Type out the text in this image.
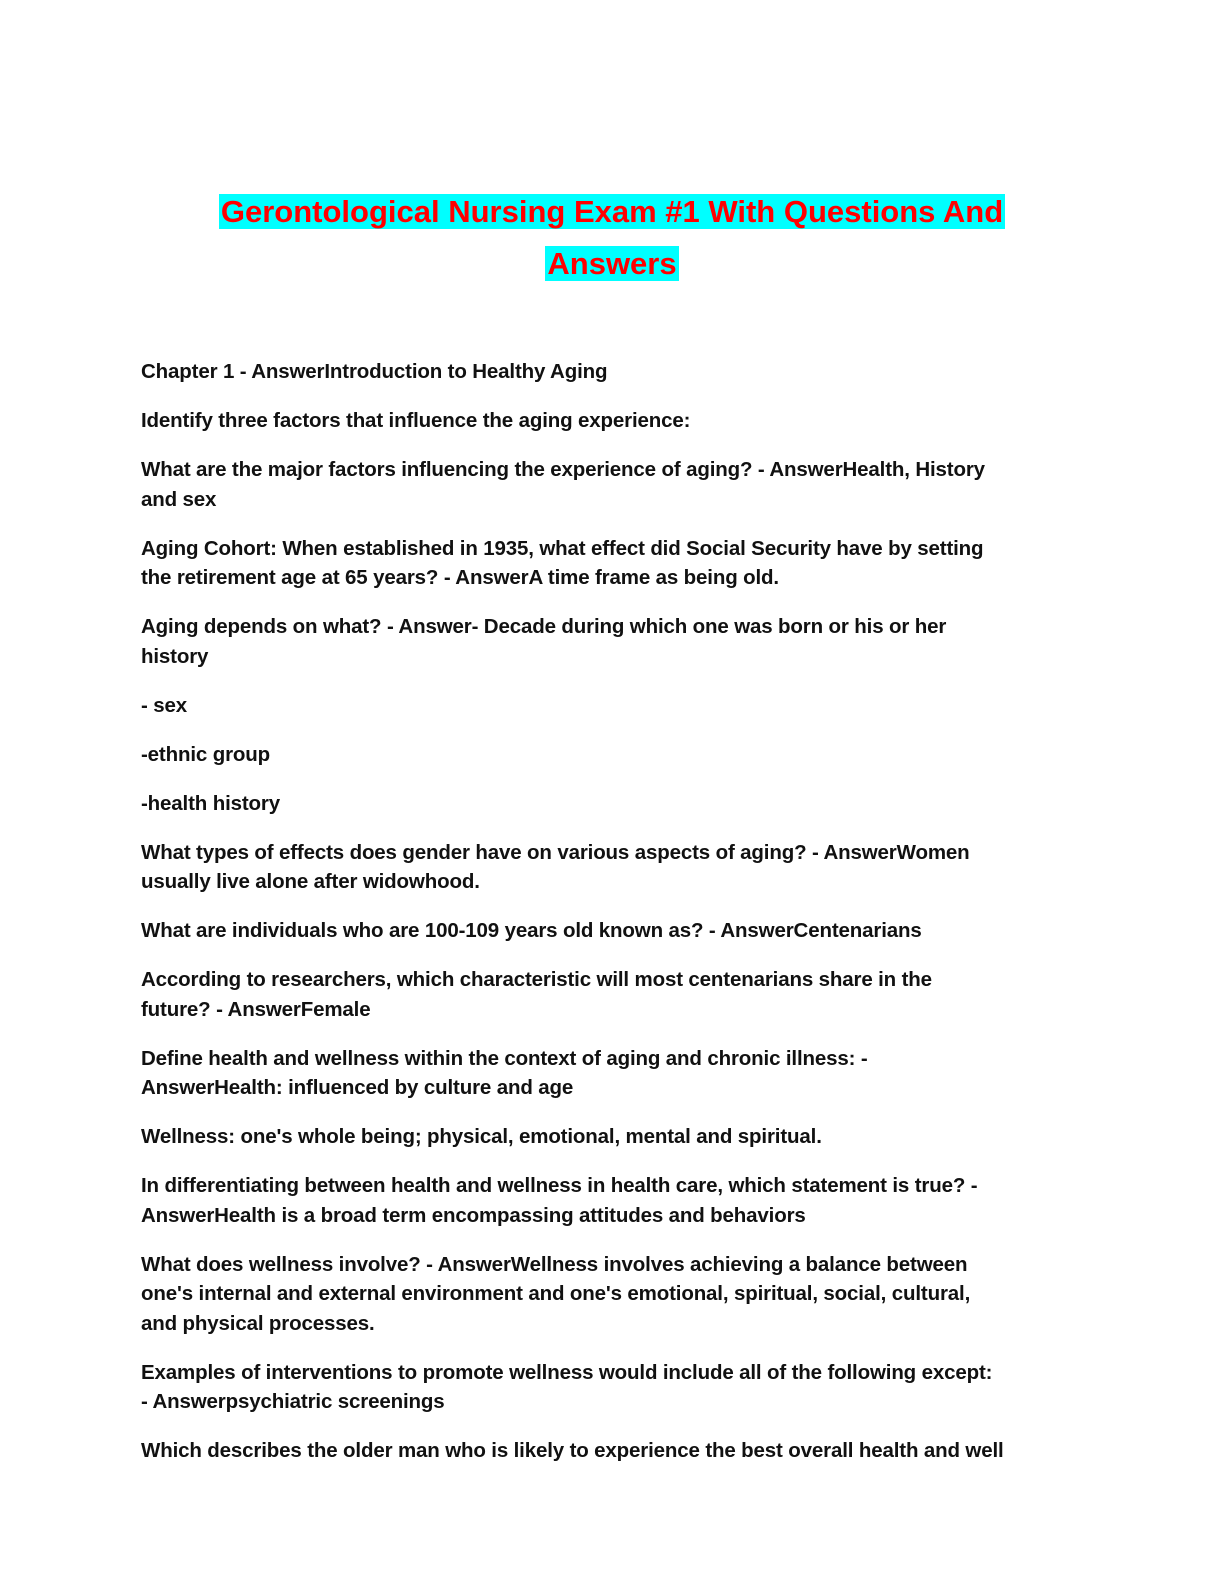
Gerontological Nursing Exam #1 With Questions And
Answers
Chapter 1 - AnswerIntroduction to Healthy Aging
Identify three factors that influence the aging experience:
What are the major factors influencing the experience of aging? - AnswerHealth, History
and sex
Aging Cohort: When established in 1935, what effect did Social Security have by setting
the retirement age at 65 years? - AnswerA time frame as being old.
Aging depends on what? - Answer- Decade during which one was born or his or her
history
- sex
-ethnic group
-health history
What types of effects does gender have on various aspects of aging? - AnswerWomen
usually live alone after widowhood.
What are individuals who are 100-109 years old known as? - AnswerCentenarians
According to researchers, which characteristic will most centenarians share in the
future? - AnswerFemale
Define health and wellness within the context of aging and chronic illness: -
AnswerHealth: influenced by culture and age
Wellness: one's whole being; physical, emotional, mental and spiritual.
In differentiating between health and wellness in health care, which statement is true? -
AnswerHealth is a broad term encompassing attitudes and behaviors
What does wellness involve? - AnswerWellness involves achieving a balance between
one's internal and external environment and one's emotional, spiritual, social, cultural,
and physical processes.
Examples of interventions to promote wellness would include all of the following except:
- Answerpsychiatric screenings
Which describes the older man who is likely to experience the best overall health and well
